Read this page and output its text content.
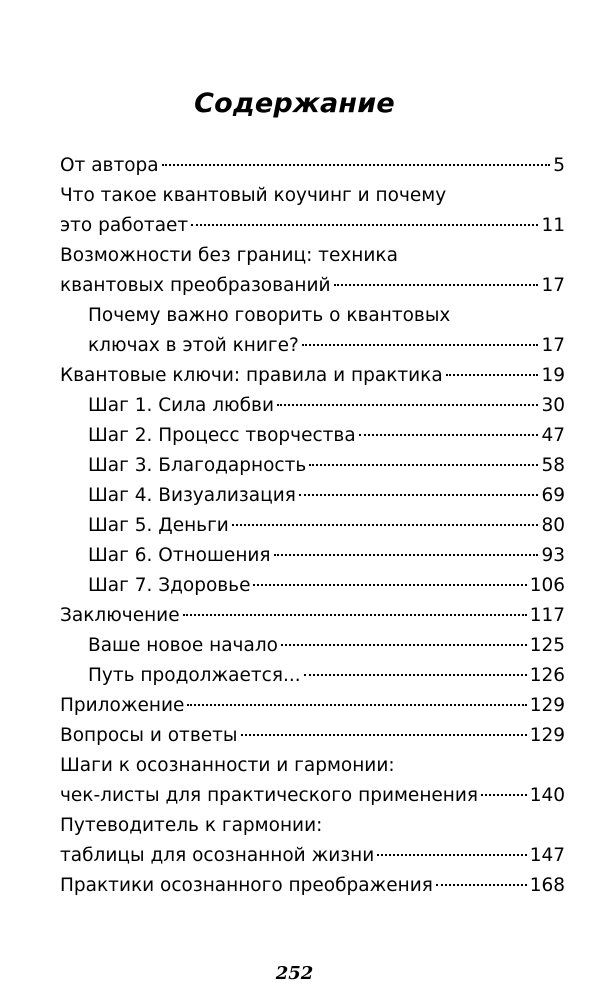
Содержание
От автора	5
Что такое квантовый коучинг и почему
это работает	11
Возможности без границ: техника
квантовых преобразований	17
Почему важно говорить о квантовых
ключах в этой книге?	17
Квантовые ключи: правила и практика	19
Шаг 1. Сила любви	30
Шаг 2. Процесс творчества	47
Шаг 3. Благодарность	58
Шаг 4. Визуализация	69
Шаг 5. Деньги	80
Шаг 6. Отношения	93
Шаг 7. Здоровье	106
Заключение	117
Ваше новое начало	125
Путь продолжается...	126
Приложение	129
Вопросы и ответы	129
Шаги к осознанности и гармонии:
чек-листы для практического применения	140
Путеводитель к гармонии:
таблицы для осознанной жизни	147
Практики осознанного преображения	168
252
